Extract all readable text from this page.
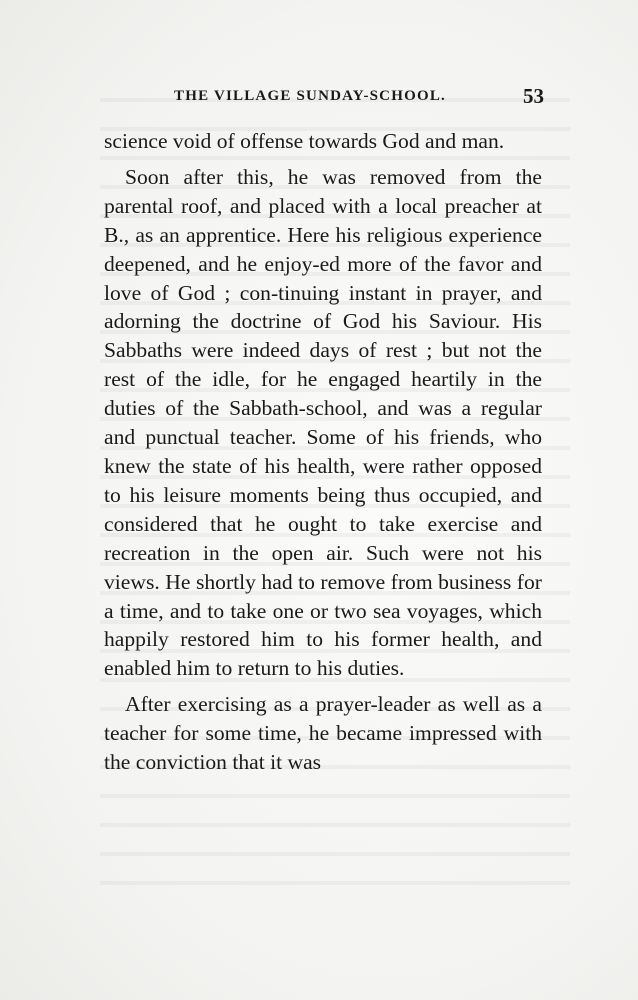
THE VILLAGE SUNDAY-SCHOOL.	53

science void of offense towards God and man.

Soon after this, he was removed from the parental roof, and placed with a local preacher at B., as an apprentice. Here his religious experience deepened, and he enjoy-ed more of the favor and love of God ; con-tinuing instant in prayer, and adorning the doctrine of God his Saviour. His Sabbaths were indeed days of rest ; but not the rest of the idle, for he engaged heartily in the duties of the Sabbath-school, and was a regular and punctual teacher. Some of his friends, who knew the state of his health, were rather opposed to his leisure moments being thus occupied, and considered that he ought to take exercise and recreation in the open air. Such were not his views. He shortly had to remove from business for a time, and to take one or two sea voyages, which happily restored him to his former health, and enabled him to return to his duties.

After exercising as a prayer-leader as well as a teacher for some time, he became impressed with the conviction that it was
